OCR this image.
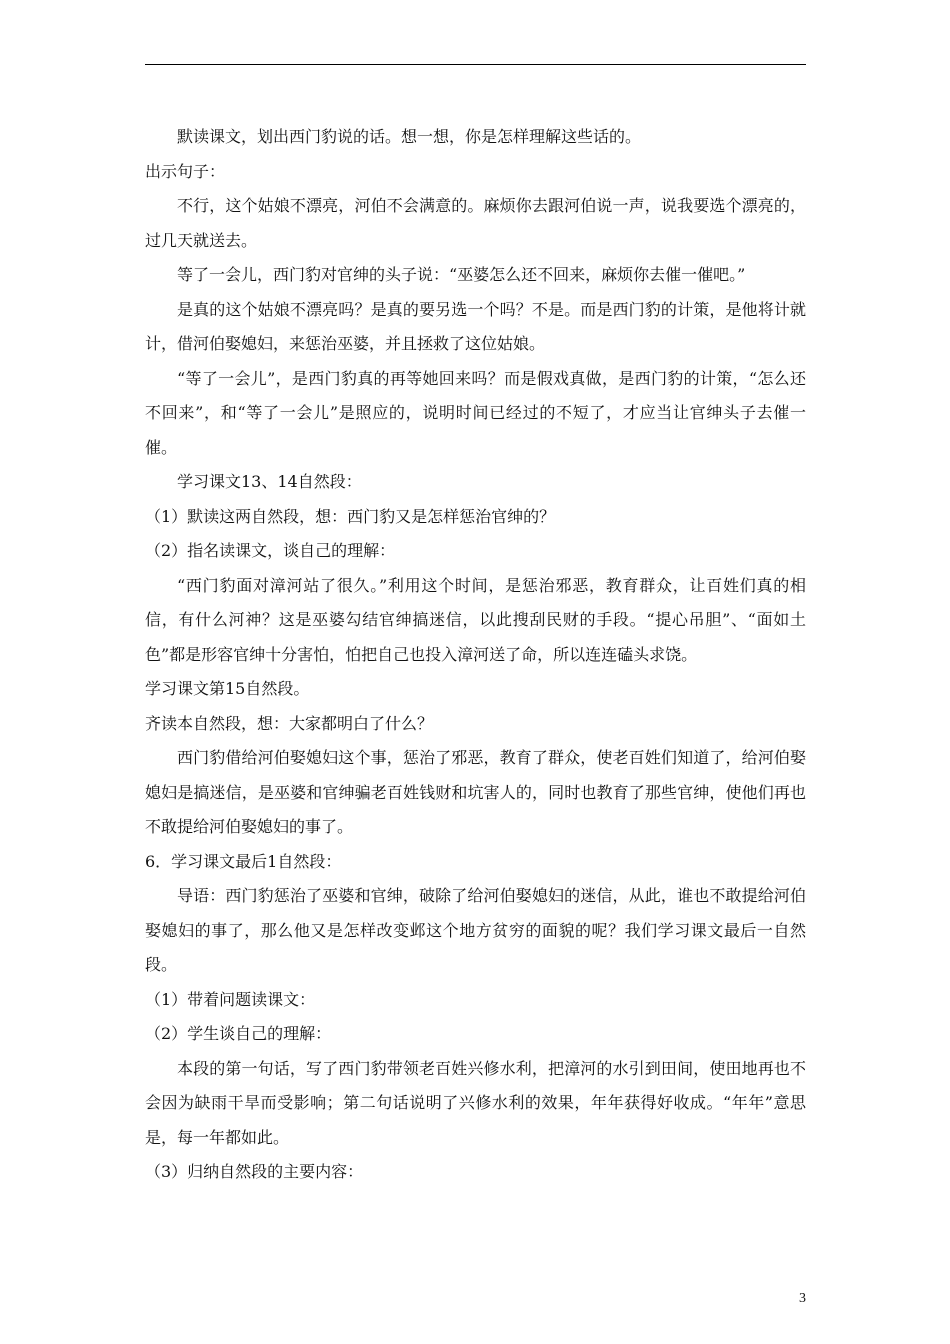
默读课文，划出西门豹说的话。想一想，你是怎样理解这些话的。

出示句子：

不行，这个姑娘不漂亮，河伯不会满意的。麻烦你去跟河伯说一声，说我要选个漂亮的，过几天就送去。

等了一会儿，西门豹对官绅的头子说：“巫婆怎么还不回来，麻烦你去催一催吧。”

是真的这个姑娘不漂亮吗？是真的要另选一个吗？不是。而是西门豹的计策，是他将计就计，借河伯娶媳妇，来惩治巫婆，并且拯救了这位姑娘。

“等了一会儿”，是西门豹真的再等她回来吗？而是假戏真做，是西门豹的计策，“怎么还不回来”，和“等了一会儿”是照应的，说明时间已经过的不短了，才应当让官绅头子去催一催。

学习课文13、14自然段：

（1）默读这两自然段，想：西门豹又是怎样惩治官绅的？

（2）指名读课文，谈自己的理解：

“西门豹面对漳河站了很久。”利用这个时间，是惩治邪恶，教育群众，让百姓们真的相信，有什么河神？这是巫婆勾结官绅搞迷信，以此搜刮民财的手段。“提心吊胆”、“面如土色”都是形容官绅十分害怕，怕把自己也投入漳河送了命，所以连连磕头求饶。

学习课文第15自然段。

齐读本自然段，想：大家都明白了什么？

西门豹借给河伯娶媳妇这个事，惩治了邪恶，教育了群众，使老百姓们知道了，给河伯娶媳妇是搞迷信，是巫婆和官绅骗老百姓钱财和坑害人的，同时也教育了那些官绅，使他们再也不敢提给河伯娶媳妇的事了。

6．学习课文最后1自然段：

导语：西门豹惩治了巫婆和官绅，破除了给河伯娶媳妇的迷信，从此，谁也不敢提给河伯娶媳妇的事了，那么他又是怎样改变邺这个地方贫穷的面貌的呢？我们学习课文最后一自然段。

（1）带着问题读课文：

（2）学生谈自己的理解：

本段的第一句话，写了西门豹带领老百姓兴修水利，把漳河的水引到田间，使田地再也不会因为缺雨干旱而受影响；第二句话说明了兴修水利的效果，年年获得好收成。“年年”意思是，每一年都如此。

（3）归纳自然段的主要内容：

3
